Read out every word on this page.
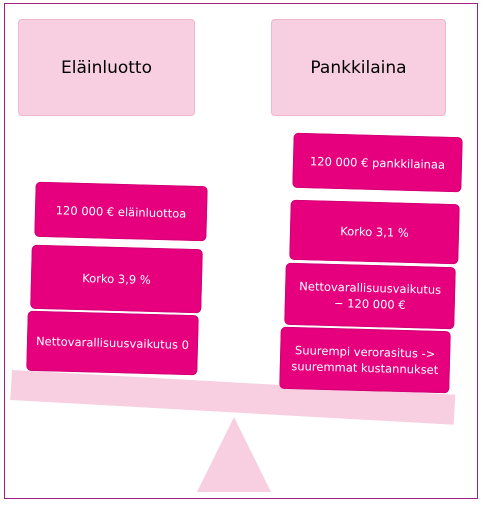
Eläinluotto	Pankkilaina
120 000 € eläinluottoa
Korko 3,9 %
Nettovarallisuusvaikutus 0
120 000 € pankkilainaa
Korko 3,1 %
Nettovarallisuusvaikutus
− 120 000 €
Suurempi verorasitus ->
suuremmat kustannukset
